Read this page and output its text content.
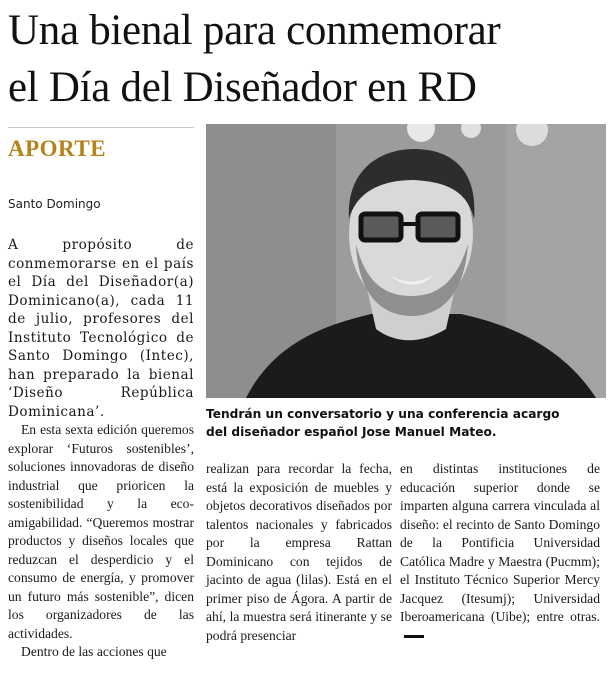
Una bienal para conmemorar
el Día del Diseñador en RD
APORTE
Santo Domingo

Tendrán un conversatorio y una conferencia acargo
del diseñador español Jose Manuel Mateo.

A propósito de conmemorarse en el país el Día del Diseñador(a) Dominicano(a), cada 11 de julio, profesores del Instituto Tecnológico de Santo Domingo (Intec), han preparado la bienal ‘Diseño República Dominicana’.

En esta sexta edición queremos explorar ‘Futuros sostenibles’, soluciones innovadoras de diseño industrial que prioricen la sostenibilidad y la eco-amigabilidad. “Queremos mostrar productos y diseños locales que reduzcan el desperdicio y el consumo de energía, y promover un futuro más sostenible”, dicen los organizadores de las actividades.

Dentro de las acciones que

realizan para recordar la fecha, está la exposición de muebles y objetos decorativos diseñados por talentos nacionales y fabricados por la empresa Rattan Dominicano con tejidos de jacinto de agua (lilas). Está en el primer piso de Ágora. A partir de ahí, la muestra será itinerante y se podrá presenciar

en distintas instituciones de educación superior donde se imparten alguna carrera vinculada al diseño: el recinto de Santo Domingo de la Pontificia Universidad Católica Madre y Maestra (Pucmm); el Instituto Técnico Superior Mercy Jacquez (Itesumj); Universidad Iberoamericana (Uibe); entre otras.
